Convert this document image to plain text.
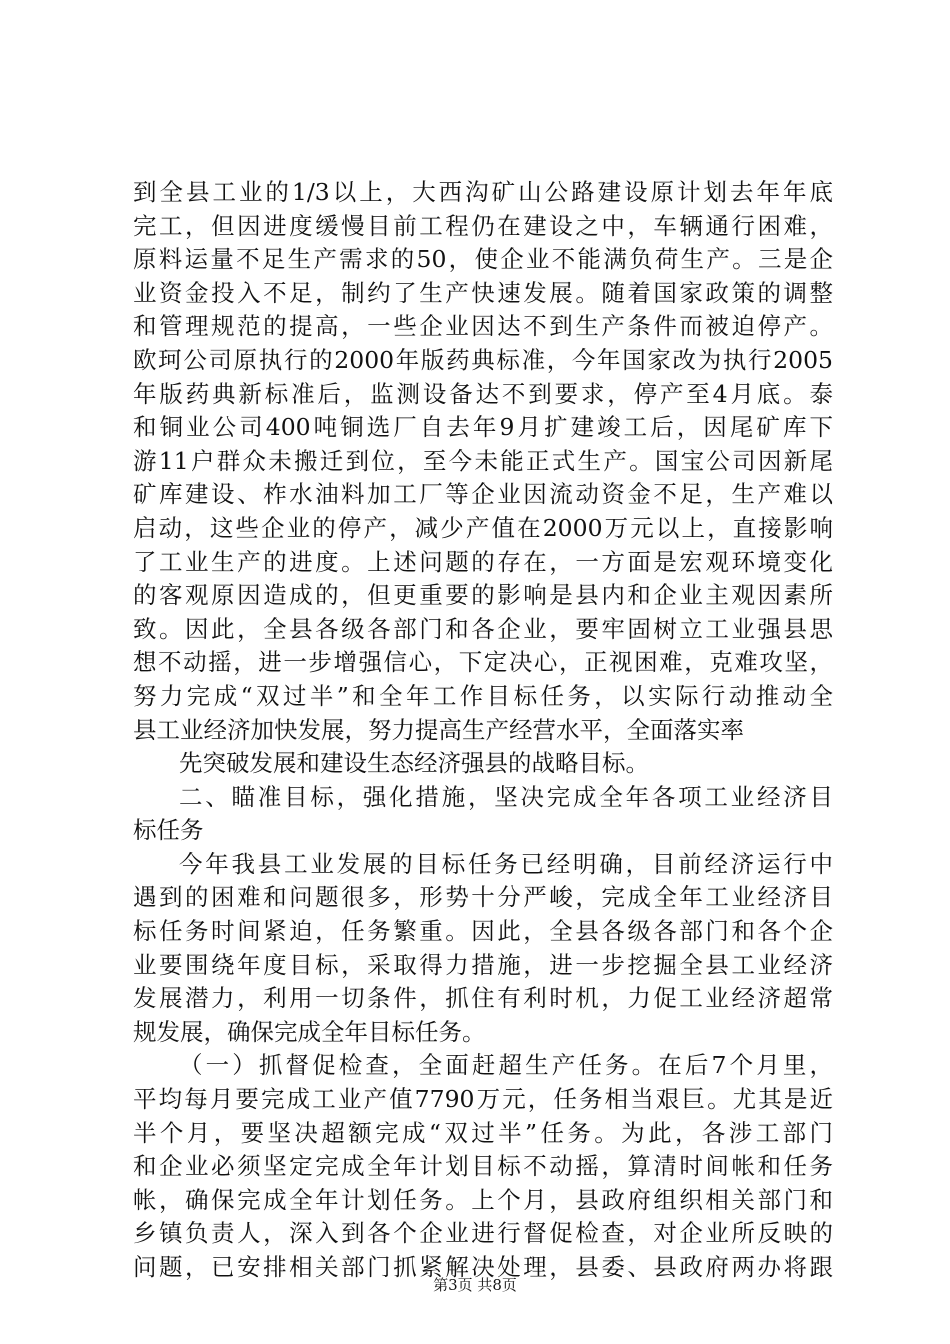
到全县工业的1/3以上，大西沟矿山公路建设原计划去年年底
完工，但因进度缓慢目前工程仍在建设之中，车辆通行困难，
原料运量不足生产需求的50，使企业不能满负荷生产。三是企
业资金投入不足，制约了生产快速发展。随着国家政策的调整
和管理规范的提高，一些企业因达不到生产条件而被迫停产。
欧珂公司原执行的2000年版药典标准，今年国家改为执行2005
年版药典新标准后，监测设备达不到要求，停产至4月底。泰
和铜业公司400吨铜选厂自去年9月扩建竣工后，因尾矿库下
游11户群众未搬迁到位，至今未能正式生产。国宝公司因新尾
矿库建设、柞水油料加工厂等企业因流动资金不足，生产难以
启动，这些企业的停产，减少产值在2000万元以上，直接影响
了工业生产的进度。上述问题的存在，一方面是宏观环境变化
的客观原因造成的，但更重要的影响是县内和企业主观因素所
致。因此，全县各级各部门和各企业，要牢固树立工业强县思
想不动摇，进一步增强信心，下定决心，正视困难，克难攻坚，
努力完成“双过半”和全年工作目标任务，以实际行动推动全
县工业经济加快发展，努力提高生产经营水平，全面落实率
先突破发展和建设生态经济强县的战略目标。
二、瞄准目标，强化措施，坚决完成全年各项工业经济目
标任务
今年我县工业发展的目标任务已经明确，目前经济运行中
遇到的困难和问题很多，形势十分严峻，完成全年工业经济目
标任务时间紧迫，任务繁重。因此，全县各级各部门和各个企
业要围绕年度目标，采取得力措施，进一步挖掘全县工业经济
发展潜力，利用一切条件，抓住有利时机，力促工业经济超常
规发展，确保完成全年目标任务。
（一）抓督促检查，全面赶超生产任务。在后7个月里，
平均每月要完成工业产值7790万元，任务相当艰巨。尤其是近
半个月，要坚决超额完成“双过半”任务。为此，各涉工部门
和企业必须坚定完成全年计划目标不动摇，算清时间帐和任务
帐，确保完成全年计划任务。上个月，县政府组织相关部门和
乡镇负责人，深入到各个企业进行督促检查，对企业所反映的
问题，已安排相关部门抓紧解决处理，县委、县政府两办将跟
第3页 共8页
